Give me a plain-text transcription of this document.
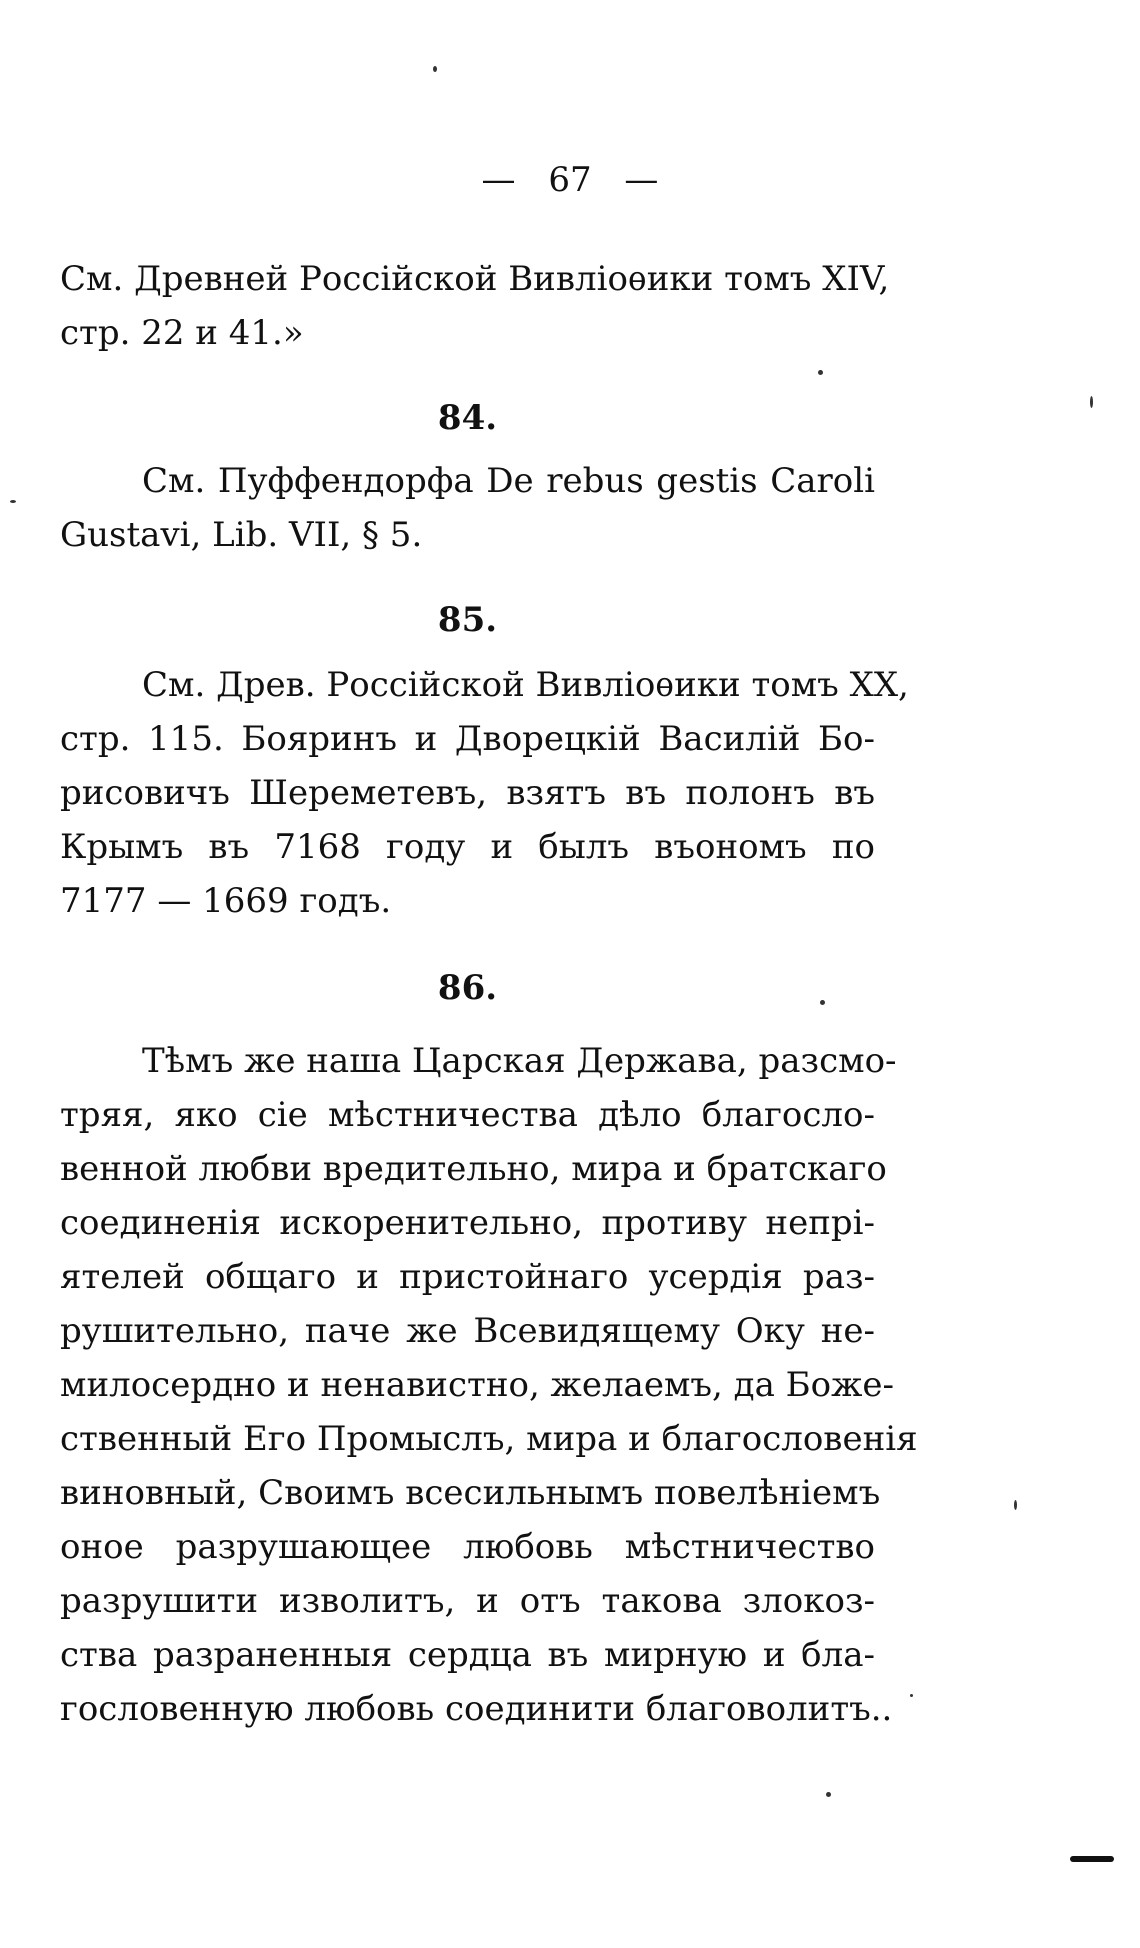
— 67 —
См. Древней Россійской Вивліоѳики томъ XIV,
стр. 22 и 41.»
84.
См. Пуффендорфа De rebus gestis Caroli
Gustavi, Lib. VII, § 5.
85.
См. Древ. Россійской Вивліоѳики томъ XX,
стр. 115. Бояринъ и Дворецкій Василій Бо-
рисовичъ Шереметевъ, взятъ въ полонъ въ
Крымъ въ 7168 году и былъ въономъ по
7177 — 1669 годъ.
86.
Тѣмъ же наша Царская Держава, разсмо-
тряя, яко сіе мѣстничества дѣло благосло-
венной любви вредительно, мира и братскаго
соединенія искоренительно, противу непрі-
ятелей общаго и пристойнаго усердія раз-
рушительно, паче же Всевидящему Оку не-
милосердно и ненавистно, желаемъ, да Боже-
ственный Его Промыслъ, мира и благословенія
виновный, Своимъ всесильнымъ повелѣніемъ
оное разрушающее любовь мѣстничество
разрушити изволитъ, и отъ такова злокоз-
ства разраненныя сердца въ мирную и бла-
гословенную любовь соединити благоволитъ..
